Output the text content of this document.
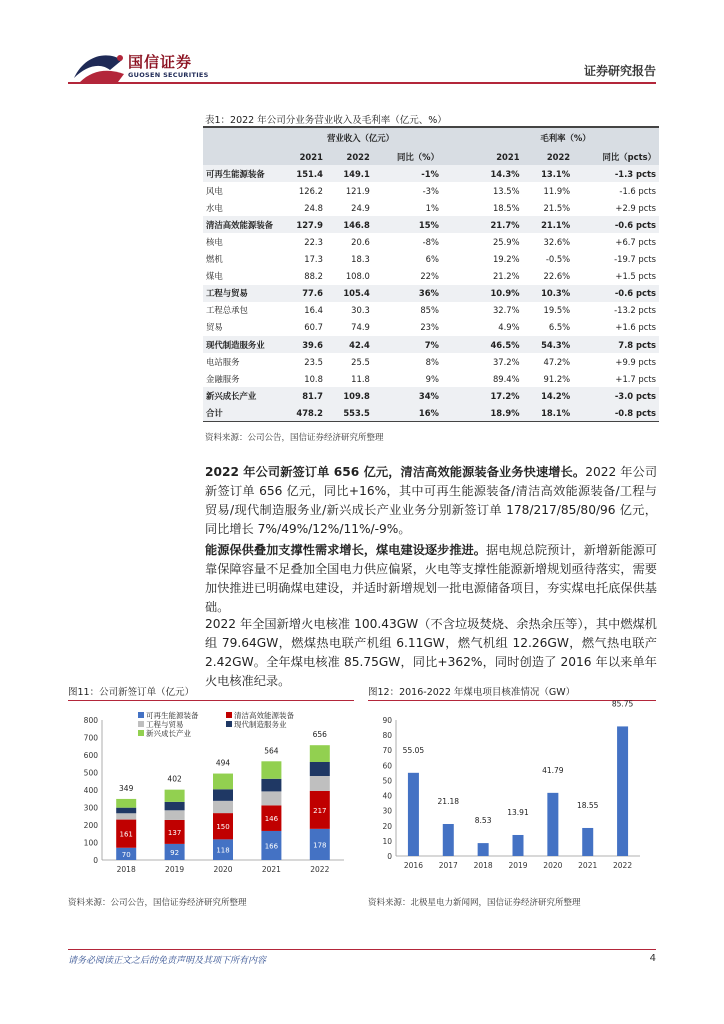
国信证券
GUOSEN SECURITIES	证券研究报告
表1：2022 年公司分业务营业收入及毛利率（亿元、%）
	营业收入（亿元）				毛利率（%）		
	2021	2022	同比（%）		2021	2022	同比（pcts）
可再生能源装备	151.4	149.1	-1%		14.3%	13.1%	-1.3 pcts
风电	126.2	121.9	-3%		13.5%	11.9%	-1.6 pcts
水电	24.8	24.9	1%		18.5%	21.5%	+2.9 pcts
清洁高效能源装备	127.9	146.8	15%		21.7%	21.1%	-0.6 pcts
核电	22.3	20.6	-8%		25.9%	32.6%	+6.7 pcts
燃机	17.3	18.3	6%		19.2%	-0.5%	-19.7 pcts
煤电	88.2	108.0	22%		21.2%	22.6%	+1.5 pcts
工程与贸易	77.6	105.4	36%		10.9%	10.3%	-0.6 pcts
工程总承包	16.4	30.3	85%		32.7%	19.5%	-13.2 pcts
贸易	60.7	74.9	23%		4.9%	6.5%	+1.6 pcts
现代制造服务业	39.6	42.4	7%		46.5%	54.3%	7.8 pcts
电站服务	23.5	25.5	8%		37.2%	47.2%	+9.9 pcts
金融服务	10.8	11.8	9%		89.4%	91.2%	+1.7 pcts
新兴成长产业	81.7	109.8	34%		17.2%	14.2%	-3.0 pcts
合计	478.2	553.5	16%		18.9%	18.1%	-0.8 pcts
资料来源：公司公告，国信证券经济研究所整理
2022 年公司新签订单 656 亿元，清洁高效能源装备业务快速增长。2022 年公司新签订单 656 亿元，同比+16%，其中可再生能源装备/清洁高效能源装备/工程与贸易/现代制造服务业/新兴成长产业业务分别新签订单 178/217/85/80/96 亿元，同比增长 7%/49%/12%/11%/-9%。
能源保供叠加支撑性需求增长，煤电建设逐步推进。据电规总院预计，新增新能源可靠保障容量不足叠加全国电力供应偏紧，火电等支撑性能源新增规划亟待落实，需要加快推进已明确煤电建设，并适时新增规划一批电源储备项目，夯实煤电托底保供基础。
2022 年全国新增火电核准 100.43GW（不含垃圾焚烧、余热余压等），其中燃煤机组 79.64GW，燃煤热电联产机组 6.11GW，燃气机组 12.26GW，燃气热电联产 2.42GW。全年煤电核准 85.75GW，同比+362%，同时创造了 2016 年以来单年火电核准纪录。
图11：公司新签订单（亿元）
0
100
200
300
400
500
600
700
800
70
161
349
2018
92
137
402
2019
118
150
494
2020
166
146
564
2021
178
217
656
2022
可再生能源装备	清洁高效能源装备
工程与贸易	现代制造服务业
新兴成长产业
资料来源：公司公告，国信证券经济研究所整理
图12：2016-2022 年煤电项目核准情况（GW）
0
10
20
30
40
50
60
70
80
90
55.05
2016
21.18
2017
8.53
2018
13.91
2019
41.79
2020
18.55
2021
85.75
2022
资料来源：北极星电力新闻网，国信证券经济研究所整理
请务必阅读正文之后的免责声明及其项下所有内容	4
